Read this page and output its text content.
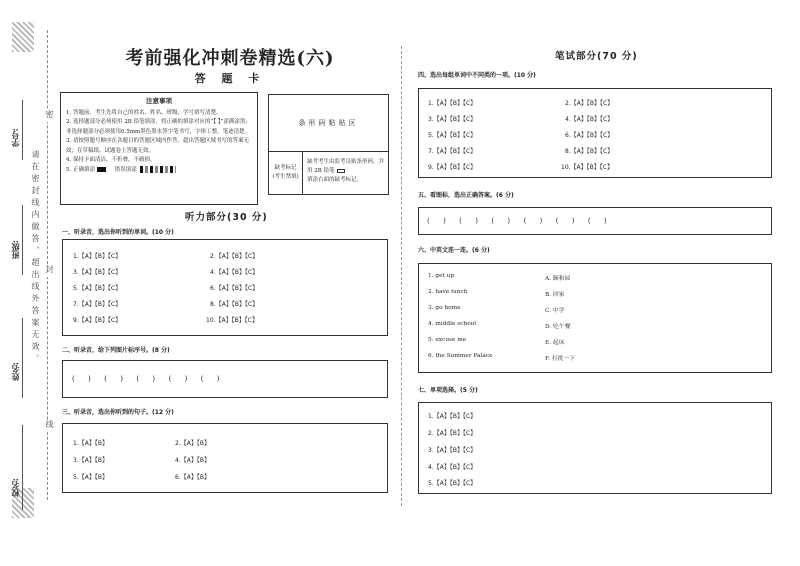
学号:
班级:
姓名:
校名:
请在密封线内做答，超出线外答案无效。
密
封
线
考前强化冲刺卷精选(六)
答 题 卡
注意事项
1. 答题前，考生先将自己的姓名、姓名、班级，学号填写清楚。
2. 选择题部分必须使用 2B 铅笔填涂，将正确的填涂对应的“【 】”涂满涂黑；非选择题部分必须使用0.5mm黑色墨水签字笔书写，字体工整、笔迹清楚。
3. 请按照题号顺序在各题目的答题区域内作答，超出答题区域书写的答案无效；在草稿纸、试题卷上答题无效。
4. 保持卡面清洁，不折叠，不破损。
5. 正确填涂	错误填涂
条形码粘贴区
缺考标记
(考生禁填)
缺考考生由监考员贴条形码，并用 2B 铅笔
填涂右面的缺考标记。
听力部分(30 分)
一、听录音，选出你听到的单词。(10 分)
1.【A】【B】【C】	2.【A】【B】【C】
3.【A】【B】【C】	4.【A】【B】【C】
5.【A】【B】【C】	6.【A】【B】【C】
7.【A】【B】【C】	8.【A】【B】【C】
9.【A】【B】【C】	10.【A】【B】【C】
二、听录音，给下列图片标序号。(8 分)
(      )      (      )      (      )      (      )      (      )
三、听录音，选出你听到的句子。(12 分)
1.【A】【B】	2.【A】【B】
3.【A】【B】	4.【A】【B】
5.【A】【B】	6.【A】【B】
笔试部分(70 分)
四、选出每组单词中不同类的一项。(10 分)
1.【A】【B】【C】	2.【A】【B】【C】
3.【A】【B】【C】	4.【A】【B】【C】
5.【A】【B】【C】	6.【A】【B】【C】
7.【A】【B】【C】	8.【A】【B】【C】
9.【A】【B】【C】	10.【A】【B】【C】
五、看图标，选出正确答案。(6 分)
(      )      (      )      (      )      (      )      (      )      (      )
六、中英文连一连。(6 分)
1. get up
2. have lunch
3. go home
4. middle school
5. excuse me
6. the Summer Palace
A. 颐和园
B. 回家
C. 中学
D. 吃午餐
E. 起床
F. 打扰一下
七、单项选择。(5 分)
1.【A】【B】【C】
2.【A】【B】【C】
3.【A】【B】【C】
4.【A】【B】【C】
5.【A】【B】【C】
